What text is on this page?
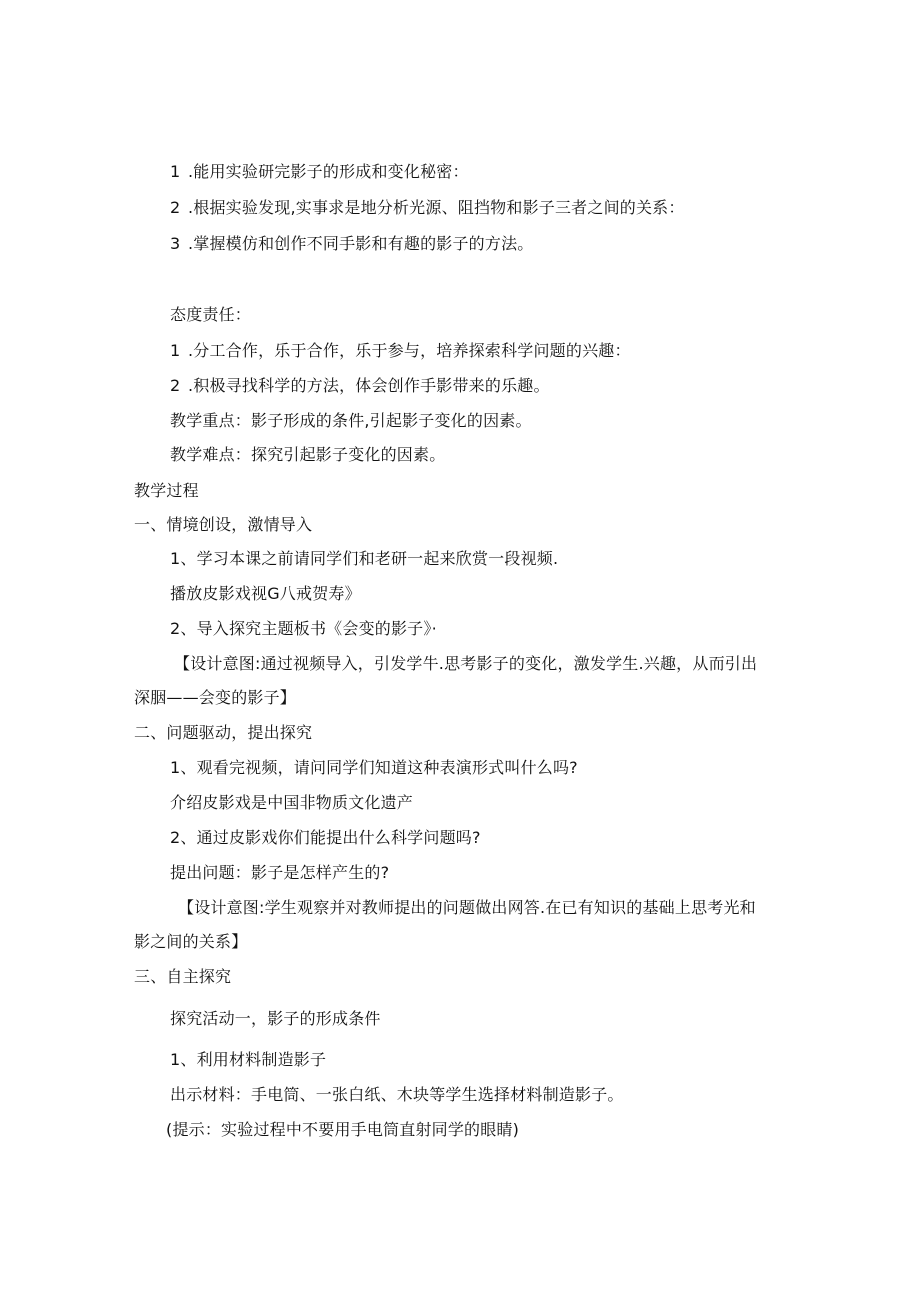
1 .能用实验研完影子的形成和变化秘密：
2 .根据实验发现,实事求是地分析光源、阻挡物和影子三者之间的关系：
3 .掌握模仿和创作不同手影和有趣的影子的方法。
态度责任：
1 .分工合作，乐于合作，乐于参与，培养探索科学问题的兴趣：
2 .积极寻找科学的方法，体会创作手影带来的乐趣。
教学重点：影子形成的条件,引起影子变化的因素。
教学难点：探究引起影子变化的因素。
教学过程
一、情境创设，激情导入
1、学习本课之前请同学们和老研一起来欣赏一段视频.
播放皮影戏视G八戒贺寿》
2、导入探究主题板书《会变的影子》·
【设计意图:通过视频导入，引发学牛.思考影子的变化，激发学生.兴趣，从而引出
深胭——会变的影子】
二、问题驱动，提出探究
1、观看完视频，请问同学们知道这种表演形式叫什么吗?
介绍皮影戏是中国非物质文化遗产
2、通过皮影戏你们能提出什么科学问题吗?
提出问题：影子是怎样产生的?
【设计意图:学生观察并对教师提出的问题做出网答.在已有知识的基础上思考光和
影之间的关系】
三、自主探究
探究活动一，影子的形成条件
1、利用材料制造影子
出示材料：手电筒、一张白纸、木块等学生选择材料制造影子。
(提示：实验过程中不要用手电筒直射同学的眼睛)
